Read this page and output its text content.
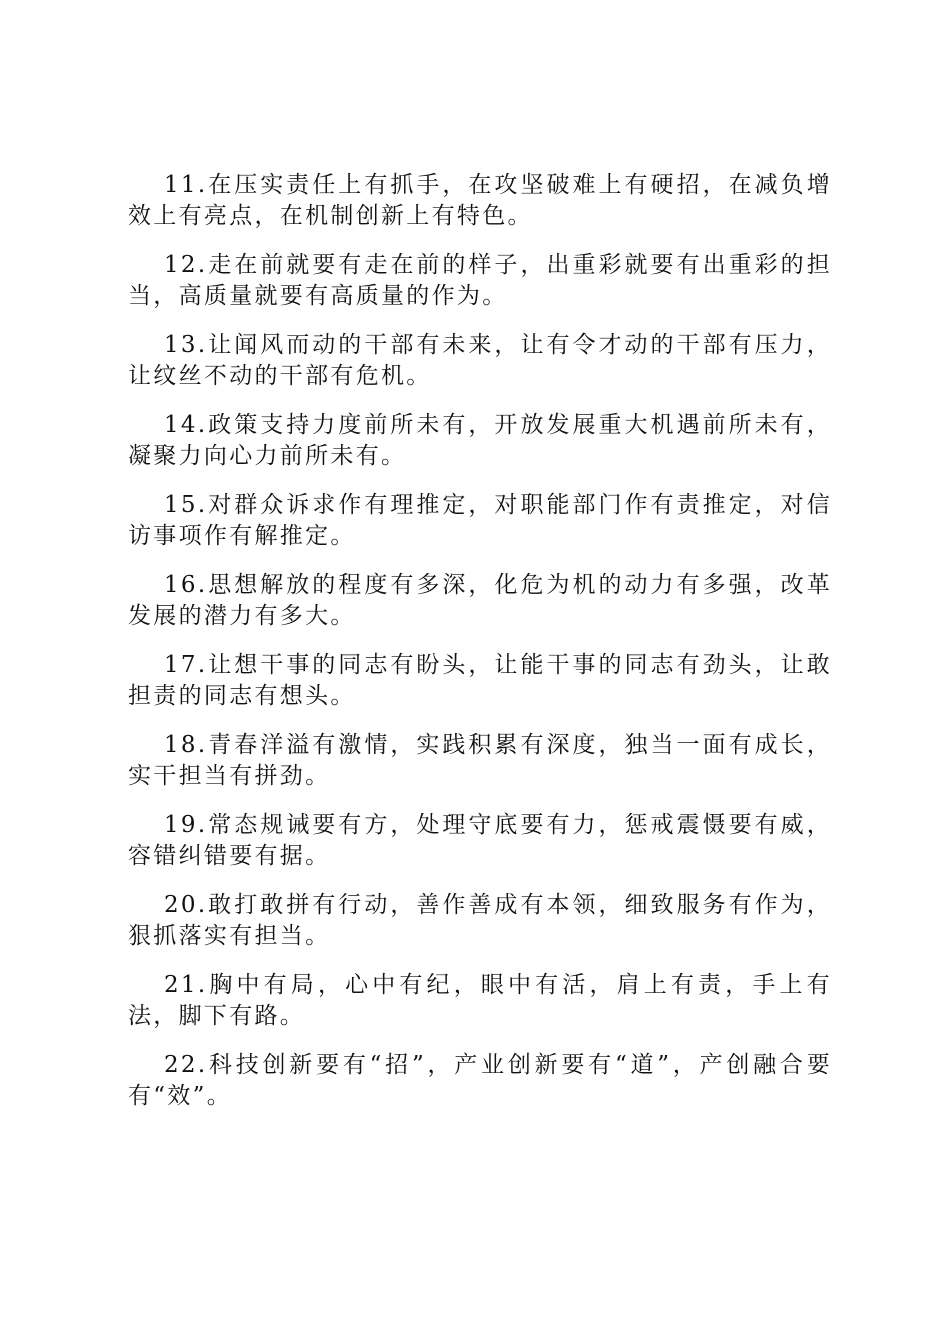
11.在压实责任上有抓手，在攻坚破难上有硬招，在减负增效上有亮点，在机制创新上有特色。

12.走在前就要有走在前的样子，出重彩就要有出重彩的担当，高质量就要有高质量的作为。

13.让闻风而动的干部有未来，让有令才动的干部有压力，让纹丝不动的干部有危机。

14.政策支持力度前所未有，开放发展重大机遇前所未有，凝聚力向心力前所未有。

15.对群众诉求作有理推定，对职能部门作有责推定，对信访事项作有解推定。

16.思想解放的程度有多深，化危为机的动力有多强，改革发展的潜力有多大。

17.让想干事的同志有盼头，让能干事的同志有劲头，让敢担责的同志有想头。

18.青春洋溢有激情，实践积累有深度，独当一面有成长，实干担当有拼劲。

19.常态规诫要有方，处理守底要有力，惩戒震慑要有威，容错纠错要有据。

20.敢打敢拼有行动，善作善成有本领，细致服务有作为，狠抓落实有担当。

21.胸中有局，心中有纪，眼中有活，肩上有责，手上有法，脚下有路。

22.科技创新要有“招”，产业创新要有“道”，产创融合要有“效”。
